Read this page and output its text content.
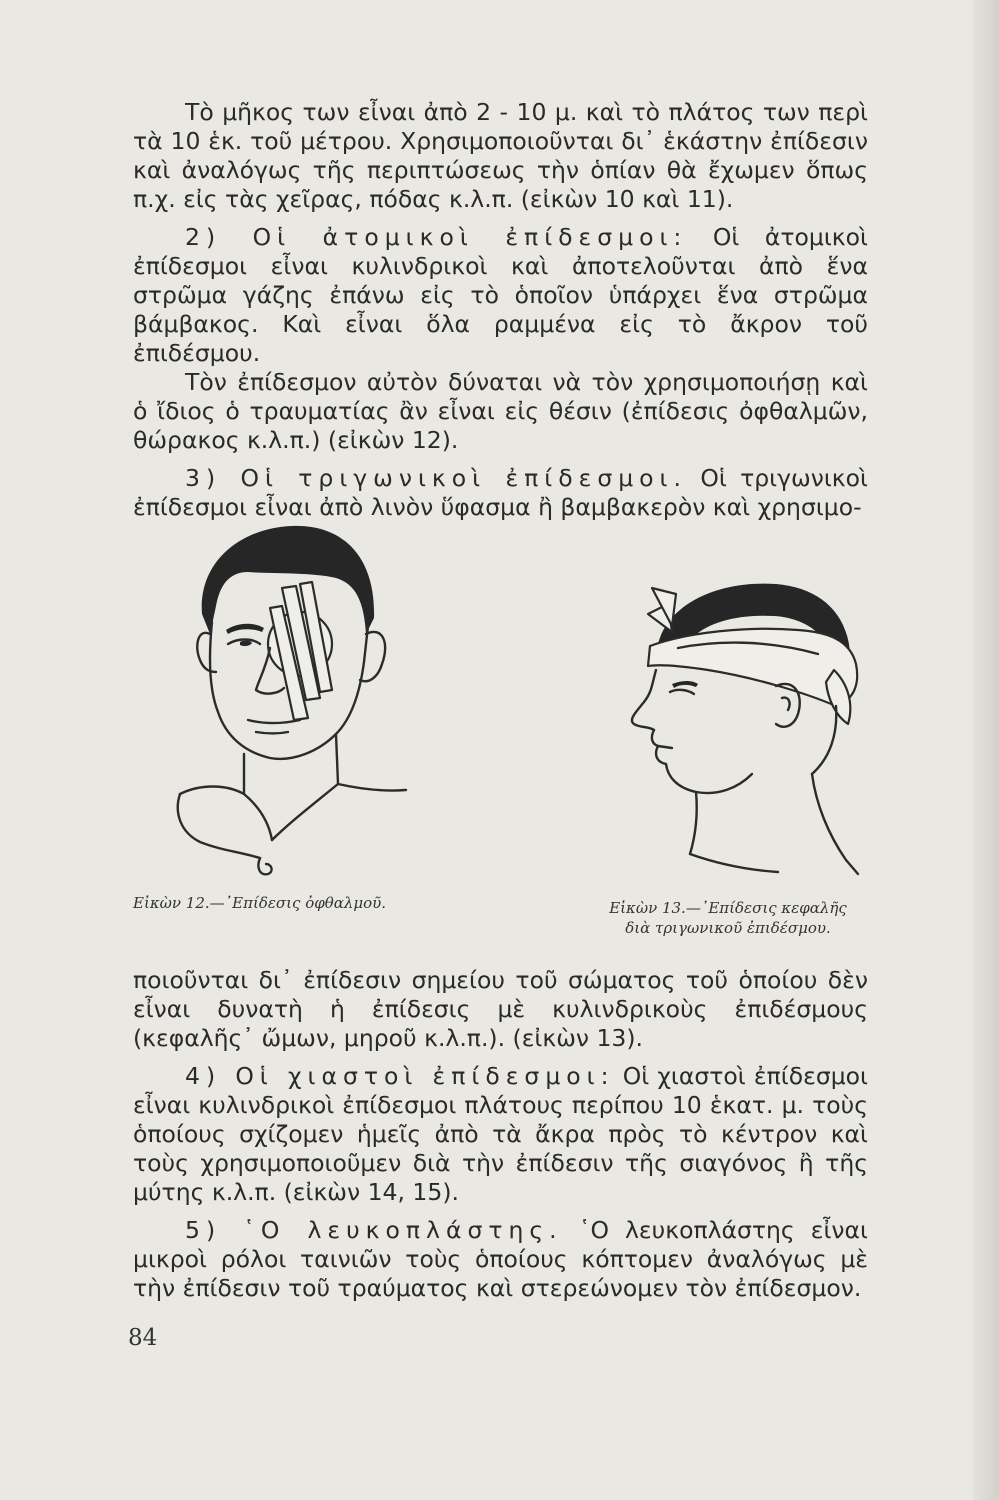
Τὸ μῆκος των εἶναι ἀπὸ 2 - 10 μ. καὶ τὸ πλάτος των περὶ τὰ 10 ἑκ. τοῦ μέτρου. Χρησιμοποιοῦνται δι᾿ ἑκάστην ἐπίδεσιν καὶ ἀναλόγως τῆς περιπτώσεως τὴν ὁπίαν θὰ ἔχωμεν ὅπως π.χ. εἰς τὰς χεῖρας, πόδας κ.λ.π. (εἰκὼν 10 καὶ 11).

2) Οἱ ἀτομικοὶ ἐπίδεσμοι: Οἱ ἀτομικοὶ ἐπίδεσμοι εἶναι κυλινδρικοὶ καὶ ἀποτελοῦνται ἀπὸ ἕνα στρῶμα γάζης ἐπάνω εἰς τὸ ὁποῖον ὑπάρχει ἕνα στρῶμα βάμβακος. Καὶ εἶναι ὅλα ραμμένα εἰς τὸ ἄκρον τοῦ ἐπιδέσμου.

Τὸν ἐπίδεσμον αὐτὸν δύναται νὰ τὸν χρησιμοποιήσῃ καὶ ὁ ἴδιος ὁ τραυματίας ἂν εἶναι εἰς θέσιν (ἐπίδεσις ὀφθαλμῶν, θώρακος κ.λ.π.) (εἰκὼν 12).

3) Οἱ τριγωνικοὶ ἐπίδεσμοι. Οἱ τριγωνικοὶ ἐπίδεσμοι εἶναι ἀπὸ λινὸν ὕφασμα ἢ βαμβακερὸν καὶ χρησιμο-

Εἰκὼν 12.—᾿Επίδεσις ὀφθαλμοῦ.	Εἰκὼν 13.—᾿Επίδεσις κεφαλῆς
διὰ τριγωνικοῦ ἐπιδέσμου.

ποιοῦνται δι᾿ ἐπίδεσιν σημείου τοῦ σώματος τοῦ ὁποίου δὲν εἶναι δυνατὴ ἡ ἐπίδεσις μὲ κυλινδρικοὺς ἐπιδέσμους (κεφαλῆς᾿ ὤμων, μηροῦ κ.λ.π.). (εἰκὼν 13).

4) Οἱ χιαστοὶ ἐπίδεσμοι: Οἱ χιαστοὶ ἐπίδεσμοι εἶναι κυλινδρικοὶ ἐπίδεσμοι πλάτους περίπου 10 ἑκατ. μ. τοὺς ὁποίους σχίζομεν ἡμεῖς ἀπὸ τὰ ἄκρα πρὸς τὸ κέντρον καὶ τοὺς χρησιμοποιοῦμεν διὰ τὴν ἐπίδεσιν τῆς σιαγόνος ἢ τῆς μύτης κ.λ.π. (εἰκὼν 14, 15).

5) ῾Ο λευκοπλάστης. ῾Ο λευκοπλάστης εἶναι μικροὶ ρόλοι ταινιῶν τοὺς ὁποίους κόπτομεν ἀναλόγως μὲ τὴν ἐπίδεσιν τοῦ τραύματος καὶ στερεώνομεν τὸν ἐπίδεσμον.

84
